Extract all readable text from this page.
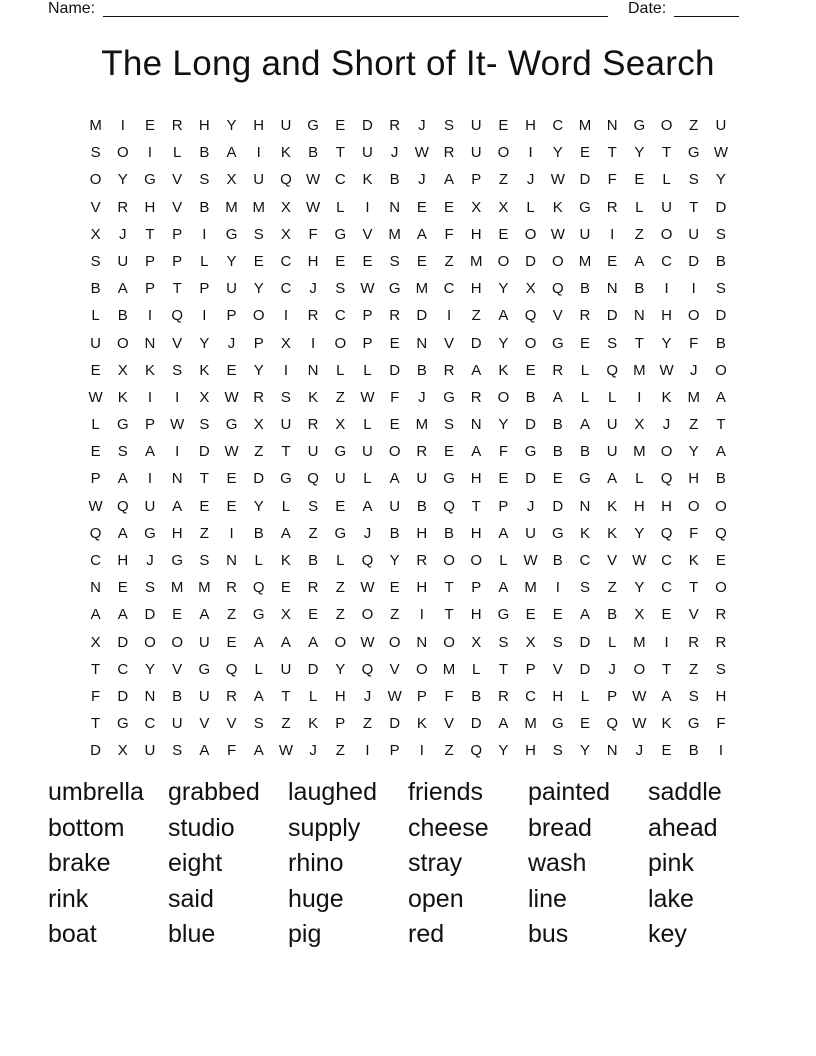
Name:	Date:
The Long and Short of It- Word Search
M I E R H Y H U G E D R J S U E H C M N G O Z U
S O I L B A I K B T U J W R U O I Y E T Y T G W
O Y G V S X U Q W C K B J A P Z J W D F E L S Y
V R H V B M M X W L I N E E X X L K G R L U T D
X J T P I G S X F G V M A F H E O W U I Z O U S
S U P P L Y E C H E E S E Z M O D O M E A C D B
B A P T P U Y C J S W G M C H Y X Q B N B I I S
L B I Q I P O I R C P R D I Z A Q V R D N H O D
U O N V Y J P X I O P E N V D Y O G E S T Y F B
E X K S K E Y I N L L D B R A K E R L Q M W J O
W K I I X W R S K Z W F J G R O B A L L I K M A
L G P W S G X U R X L E M S N Y D B A U X J Z T
E S A I D W Z T U G U O R E A F G B B U M O Y A
P A I N T E D G Q U L A U G H E D E G A L Q H B
W Q U A E E Y L S E A U B Q T P J D N K H H O O
Q A G H Z I B A Z G J B H B H A U G K K Y Q F Q
C H J G S N L K B L Q Y R O O L W B C V W C K E
N E S M M R Q E R Z W E H T P A M I S Z Y C T O
A A D E A Z G X E Z O Z I T H G E E A B X E V R
X D O O U E A A A O W O N O X S X S D L M I R R
T C Y V G Q L U D Y Q V O M L T P V D J O T Z S
F D N B U R A T L H J W P F B R C H L P W A S H
T G C U V V S Z K P Z D K V D A M G E Q W K G F
D X U S A F A W J Z I P I Z Q Y H S Y N J E B I
umbrella grabbed laughed friends painted saddle
bottom studio supply cheese bread ahead
brake eight	rhino	stray	wash pink
rink	said	huge	open	line	lake
boat	blue	pig	red	bus	key
